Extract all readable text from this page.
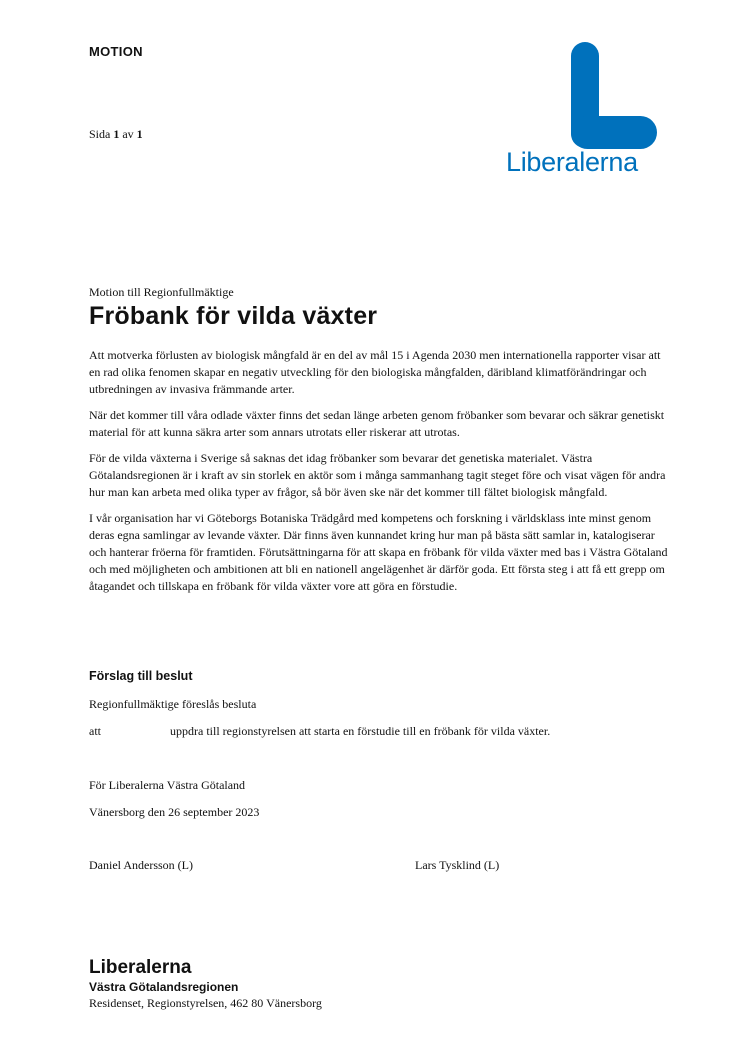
MOTION
Sida 1 av 1
Liberalerna
Motion till Regionfullmäktige
Fröbank för vilda växter

Att motverka förlusten av biologisk mångfald är en del av mål 15 i Agenda 2030 men internationella rapporter visar att en rad olika fenomen skapar en negativ utveckling för den biologiska mångfalden, däribland klimatförändringar och utbredningen av invasiva främmande arter.

När det kommer till våra odlade växter finns det sedan länge arbeten genom fröbanker som bevarar och säkrar genetiskt material för att kunna säkra arter som annars utrotats eller riskerar att utrotas.

För de vilda växterna i Sverige så saknas det idag fröbanker som bevarar det genetiska materialet. Västra Götalandsregionen är i kraft av sin storlek en aktör som i många sammanhang tagit steget före och visat vägen för andra hur man kan arbeta med olika typer av frågor, så bör även ske när det kommer till fältet biologisk mångfald.

I vår organisation har vi Göteborgs Botaniska Trädgård med kompetens och forskning i världsklass inte minst genom deras egna samlingar av levande växter. Där finns även kunnandet kring hur man på bästa sätt samlar in, katalogiserar och hanterar fröerna för framtiden. Förutsättningarna för att skapa en fröbank för vilda växter med bas i Västra Götaland och med möjligheten och ambitionen att bli en nationell angelägenhet är därför goda. Ett första steg i att få ett grepp om åtagandet och tillskapa en fröbank för vilda växter vore att göra en förstudie.

Förslag till beslut
Regionfullmäktige föreslås besluta
att	uppdra till regionstyrelsen att starta en förstudie till en fröbank för vilda växter.
För Liberalerna Västra Götaland
Vänersborg den 26 september 2023
Daniel Andersson (L)	Lars Tysklind (L)
Liberalerna
Västra Götalandsregionen
Residenset, Regionstyrelsen, 462 80 Vänersborg
